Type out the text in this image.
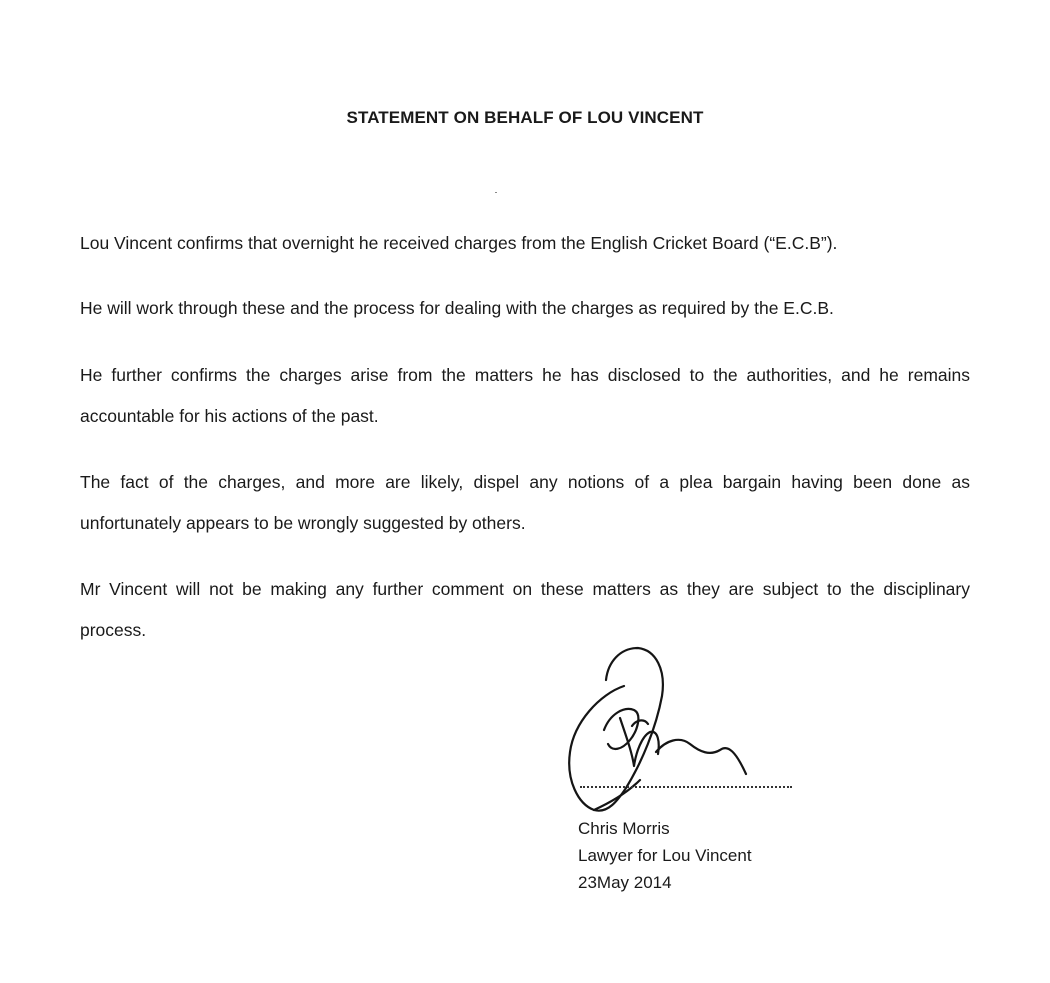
STATEMENT ON BEHALF OF LOU VINCENT

Lou Vincent confirms that overnight he received charges from the English Cricket Board (“E.C.B”).

He will work through these and the process for dealing with the charges as required by the E.C.B.

He further confirms the charges arise from the matters he has disclosed to the authorities, and he remains accountable for his actions of the past.

The fact of the charges, and more are likely, dispel any notions of a plea bargain having been done as unfortunately appears to be wrongly suggested by others.

Mr Vincent will not be making any further comment on these matters as they are subject to the disciplinary process.

Chris Morris
Lawyer for Lou Vincent
23May 2014
